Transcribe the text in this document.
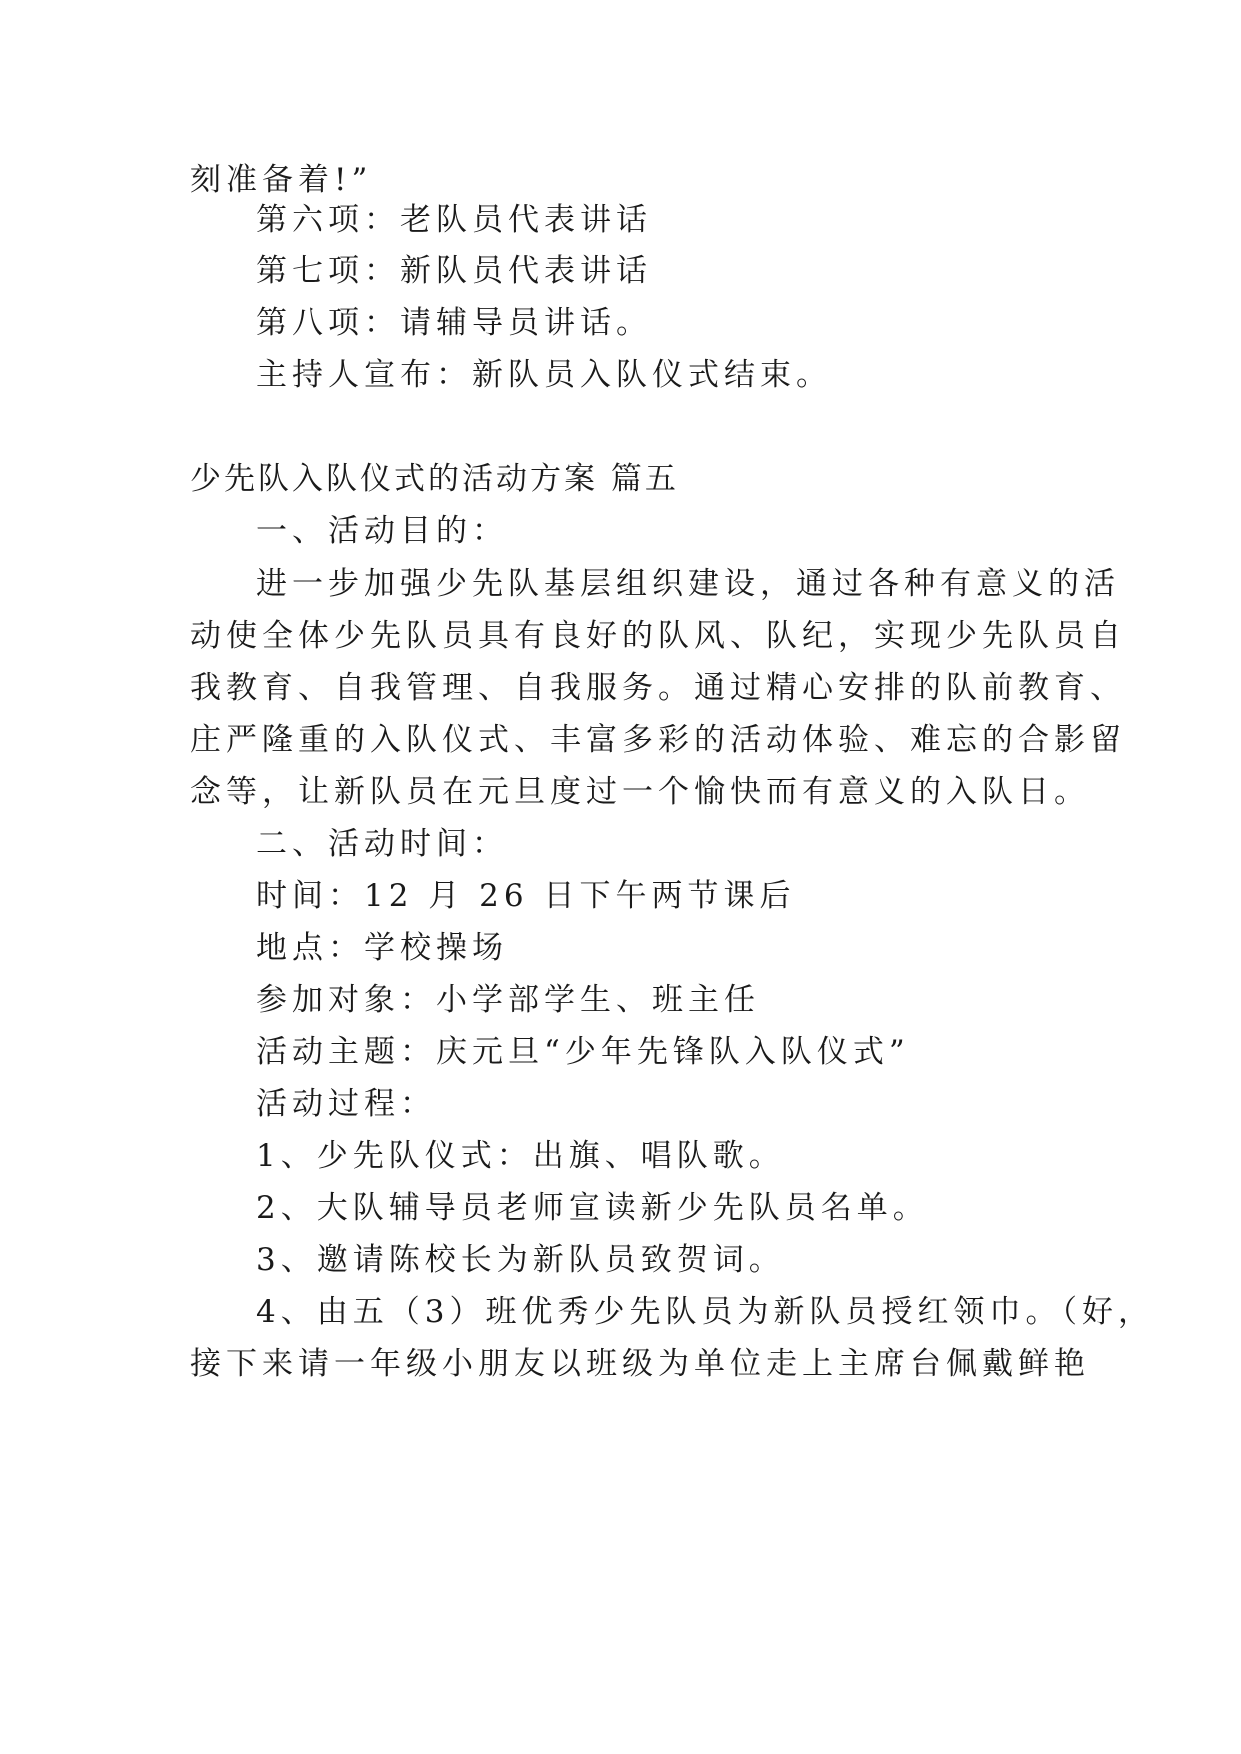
刻准备着!”
第六项：老队员代表讲话
第七项：新队员代表讲话
第八项：请辅导员讲话。
主持人宣布：新队员入队仪式结束。
少先队入队仪式的活动方案 篇五
一、活动目的：
进一步加强少先队基层组织建设，通过各种有意义的活
动使全体少先队员具有良好的队风、队纪，实现少先队员自
我教育、自我管理、自我服务。通过精心安排的队前教育、
庄严隆重的入队仪式、丰富多彩的活动体验、难忘的合影留
念等，让新队员在元旦度过一个愉快而有意义的入队日。
二、活动时间：
时间：12 月 26 日下午两节课后
地点：学校操场
参加对象：小学部学生、班主任
活动主题：庆元旦“少年先锋队入队仪式”
活动过程：
1、少先队仪式：出旗、唱队歌。
2、大队辅导员老师宣读新少先队员名单。
3、邀请陈校长为新队员致贺词。
4、由五（3）班优秀少先队员为新队员授红领巾。（好，
接下来请一年级小朋友以班级为单位走上主席台佩戴鲜艳
